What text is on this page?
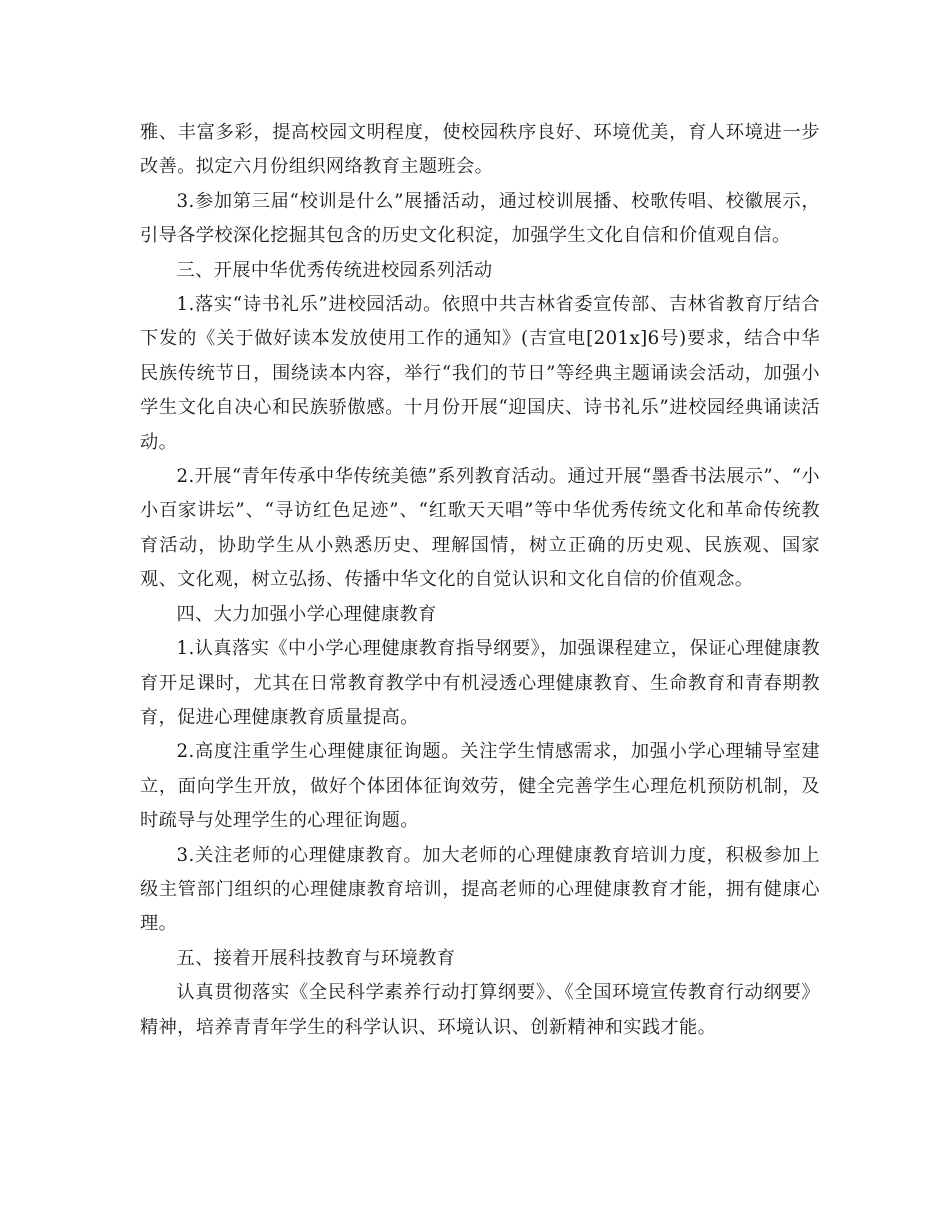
雅、丰富多彩，提高校园文明程度，使校园秩序良好、环境优美，育人环境进一步改善。拟定六月份组织网络教育主题班会。

3.参加第三届“校训是什么”展播活动，通过校训展播、校歌传唱、校徽展示，引导各学校深化挖掘其包含的历史文化积淀，加强学生文化自信和价值观自信。

三、开展中华优秀传统进校园系列活动

1.落实“诗书礼乐”进校园活动。依照中共吉林省委宣传部、吉林省教育厅结合下发的《关于做好读本发放使用工作的通知》(吉宣电[201x]6号)要求，结合中华民族传统节日，围绕读本内容，举行“我们的节日”等经典主题诵读会活动，加强小学生文化自决心和民族骄傲感。十月份开展“迎国庆、诗书礼乐”进校园经典诵读活动。

2.开展“青年传承中华传统美德”系列教育活动。通过开展“墨香书法展示”、“小小百家讲坛”、“寻访红色足迹”、“红歌天天唱”等中华优秀传统文化和革命传统教育活动，协助学生从小熟悉历史、理解国情，树立正确的历史观、民族观、国家观、文化观，树立弘扬、传播中华文化的自觉认识和文化自信的价值观念。

四、大力加强小学心理健康教育

1.认真落实《中小学心理健康教育指导纲要》，加强课程建立，保证心理健康教育开足课时，尤其在日常教育教学中有机浸透心理健康教育、生命教育和青春期教育，促进心理健康教育质量提高。

2.高度注重学生心理健康征询题。关注学生情感需求，加强小学心理辅导室建立，面向学生开放，做好个体团体征询效劳，健全完善学生心理危机预防机制，及时疏导与处理学生的心理征询题。

3.关注老师的心理健康教育。加大老师的心理健康教育培训力度，积极参加上级主管部门组织的心理健康教育培训，提高老师的心理健康教育才能，拥有健康心理。

五、接着开展科技教育与环境教育

认真贯彻落实《全民科学素养行动打算纲要》、《全国环境宣传教育行动纲要》精神，培养青青年学生的科学认识、环境认识、创新精神和实践才能。
